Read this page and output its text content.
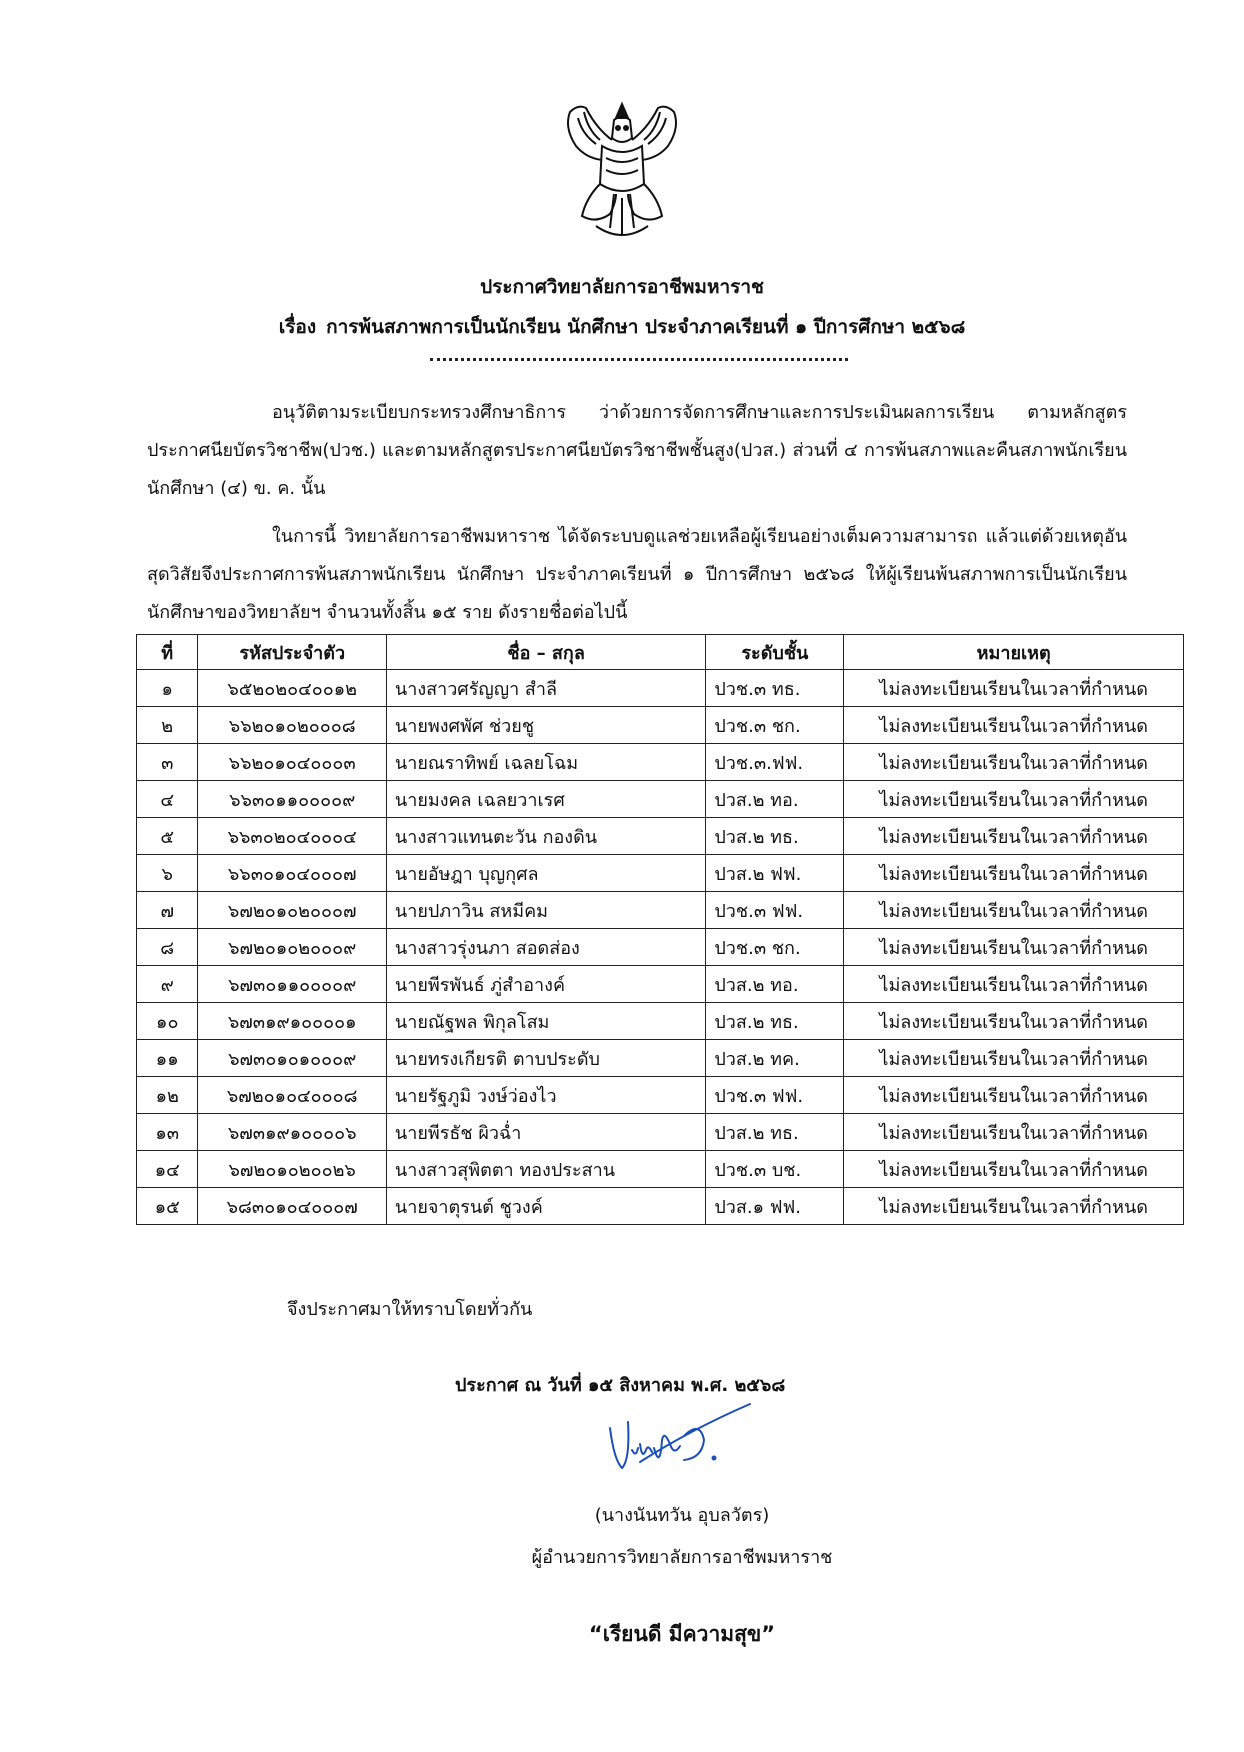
ประกาศวิทยาลัยการอาชีพมหาราช
เรื่อง การพ้นสภาพการเป็นนักเรียน นักศึกษา ประจำภาคเรียนที่ ๑ ปีการศึกษา ๒๕๖๘

อนุวัติตามระเบียบกระทรวงศึกษาธิการ ว่าด้วยการจัดการศึกษาและการประเมินผลการเรียน ตามหลักสูตรประกาศนียบัตรวิชาชีพ(ปวช.) และตามหลักสูตรประกาศนียบัตรวิชาชีพชั้นสูง(ปวส.) ส่วนที่ ๔ การพ้นสภาพและคืนสภาพนักเรียน นักศึกษา (๔) ข. ค. นั้น

ในการนี้ วิทยาลัยการอาชีพมหาราช ได้จัดระบบดูแลช่วยเหลือผู้เรียนอย่างเต็มความสามารถ แล้วแต่ด้วยเหตุอันสุดวิสัยจึงประกาศการพ้นสภาพนักเรียน นักศึกษา ประจำภาคเรียนที่ ๑ ปีการศึกษา ๒๕๖๘ ให้ผู้เรียนพ้นสภาพการเป็นนักเรียน นักศึกษาของวิทยาลัยฯ จำนวนทั้งสิ้น ๑๕ ราย ดังรายชื่อต่อไปนี้

ที่	รหัสประจำตัว	ชื่อ – สกุล	ระดับชั้น	หมายเหตุ
๑	๖๕๒๐๒๐๔๐๐๑๒	นางสาวศรัญญา สำลี	ปวช.๓ ทธ.	ไม่ลงทะเบียนเรียนในเวลาที่กำหนด
๒	๖๖๒๐๑๐๒๐๐๐๘	นายพงศพัศ ช่วยชู	ปวช.๓ ชก.	ไม่ลงทะเบียนเรียนในเวลาที่กำหนด
๓	๖๖๒๐๑๐๔๐๐๐๓	นายณราทิพย์ เฉลยโฉม	ปวช.๓.ฟฟ.	ไม่ลงทะเบียนเรียนในเวลาที่กำหนด
๔	๖๖๓๐๑๑๐๐๐๐๙	นายมงคล เฉลยวาเรศ	ปวส.๒ ทอ.	ไม่ลงทะเบียนเรียนในเวลาที่กำหนด
๕	๖๖๓๐๒๐๔๐๐๐๔	นางสาวแทนตะวัน กองดิน	ปวส.๒ ทธ.	ไม่ลงทะเบียนเรียนในเวลาที่กำหนด
๖	๖๖๓๐๑๐๔๐๐๐๗	นายอัษฎา บุญกุศล	ปวส.๒ ฟฟ.	ไม่ลงทะเบียนเรียนในเวลาที่กำหนด
๗	๖๗๒๐๑๐๒๐๐๐๗	นายปภาวิน สหมีคม	ปวช.๓ ฟฟ.	ไม่ลงทะเบียนเรียนในเวลาที่กำหนด
๘	๖๗๒๐๑๐๒๐๐๐๙	นางสาวรุ่งนภา สอดส่อง	ปวช.๓ ชก.	ไม่ลงทะเบียนเรียนในเวลาที่กำหนด
๙	๖๗๓๐๑๑๐๐๐๐๙	นายพีรพันธ์ ภู่สำอางค์	ปวส.๒ ทอ.	ไม่ลงทะเบียนเรียนในเวลาที่กำหนด
๑๐	๖๗๓๑๙๑๐๐๐๐๑	นายณัฐพล พิกุลโสม	ปวส.๒ ทธ.	ไม่ลงทะเบียนเรียนในเวลาที่กำหนด
๑๑	๖๗๓๐๑๐๑๐๐๐๙	นายทรงเกียรติ ตาบประดับ	ปวส.๒ ทค.	ไม่ลงทะเบียนเรียนในเวลาที่กำหนด
๑๒	๖๗๒๐๑๐๔๐๐๐๘	นายรัฐภูมิ วงษ์ว่องไว	ปวช.๓ ฟฟ.	ไม่ลงทะเบียนเรียนในเวลาที่กำหนด
๑๓	๖๗๓๑๙๑๐๐๐๐๖	นายพีรธัช ผิวฉ่ำ	ปวส.๒ ทธ.	ไม่ลงทะเบียนเรียนในเวลาที่กำหนด
๑๔	๖๗๒๐๑๐๒๐๐๒๖	นางสาวสุพิตตา ทองประสาน	ปวช.๓ บช.	ไม่ลงทะเบียนเรียนในเวลาที่กำหนด
๑๕	๖๘๓๐๑๐๔๐๐๐๗	นายจาตุรนต์ ชูวงค์	ปวส.๑ ฟฟ.	ไม่ลงทะเบียนเรียนในเวลาที่กำหนด
จึงประกาศมาให้ทราบโดยทั่วกัน
ประกาศ ณ วันที่ ๑๕ สิงหาคม พ.ศ. ๒๕๖๘
(นางนันทวัน อุบลวัตร)
ผู้อำนวยการวิทยาลัยการอาชีพมหาราช
“เรียนดี มีความสุข”
